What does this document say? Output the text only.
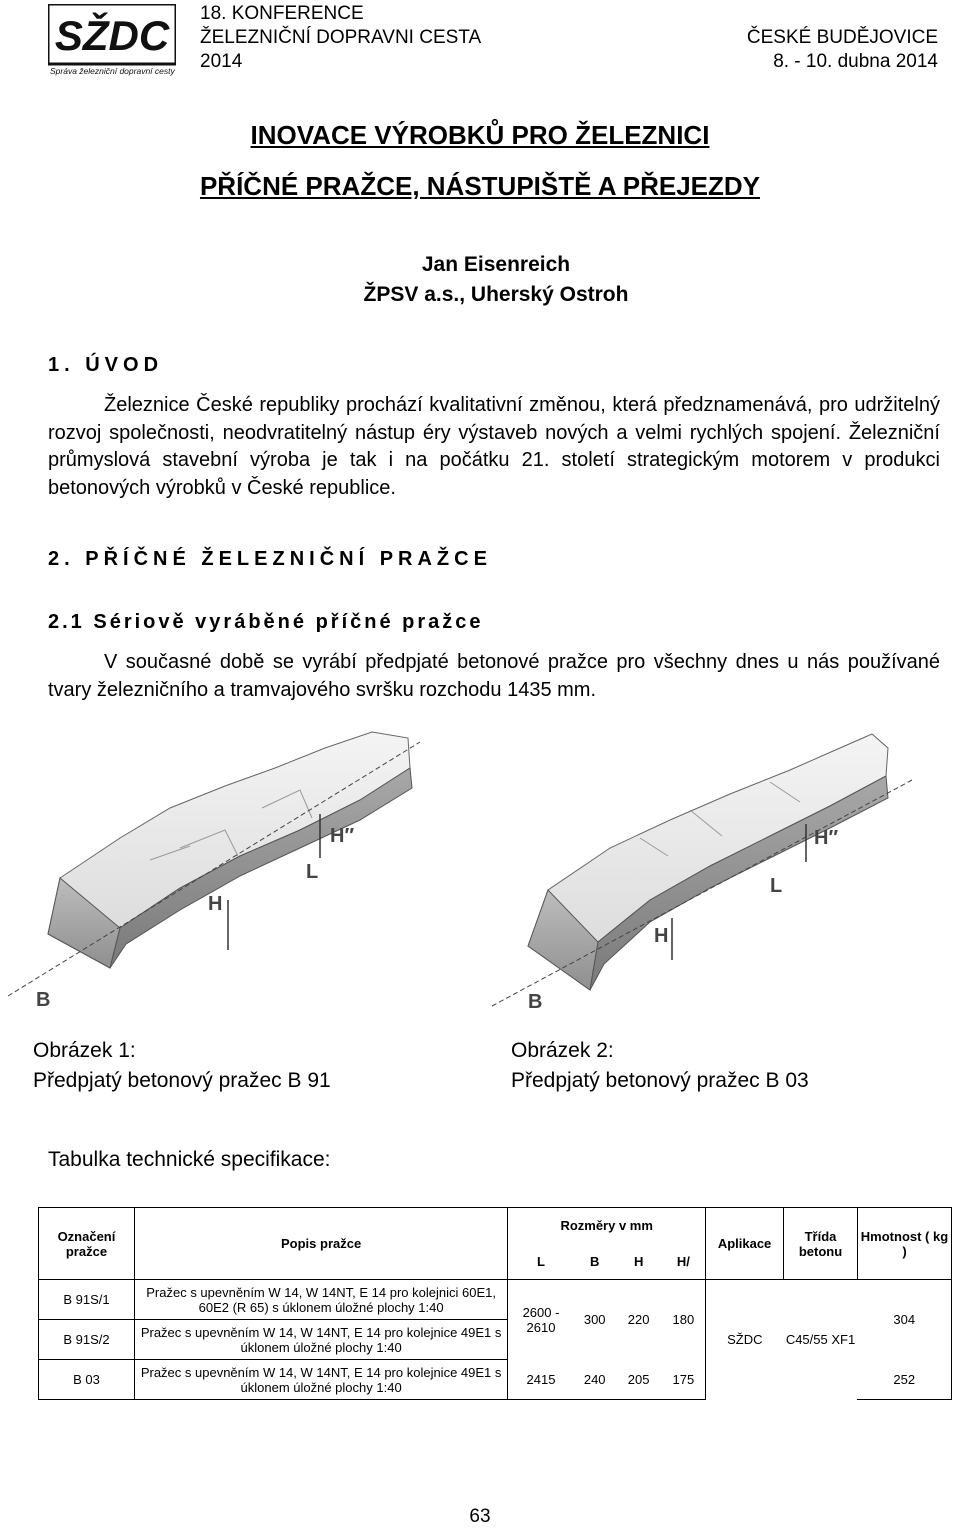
SŽDC
Správa železniční dopravní cesty
18. KONFERENCE
ŽELEZNIČNÍ DOPRAVNI CESTA
2014
ČESKÉ BUDĚJOVICE
8. - 10. dubna 2014
INOVACE VÝROBKŮ PRO ŽELEZNICI
PŘÍČNÉ PRAŽCE, NÁSTUPIŠTĚ A PŘEJEZDY
Jan Eisenreich
ŽPSV a.s., Uherský Ostroh
1. ÚVOD
Železnice České republiky prochází kvalitativní změnou, která předznamenává, pro udržitelný rozvoj společnosti, neodvratitelný nástup éry výstaveb nových a velmi rychlých spojení. Železniční průmyslová stavební výroba je tak i na počátku 21. století strategickým motorem v produkci betonových výrobků v České republice.
2. PŘÍČNÉ ŽELEZNIČNÍ PRAŽCE
2.1 Sériově vyráběné příčné pražce
V současné době se vyrábí předpjaté betonové pražce pro všechny dnes u nás používané tvary železničního a tramvajového svršku rozchodu 1435 mm.
B
H
H″
L
B
H
H″
L
Obrázek 1:
Předpjatý betonový pražec B 91
Obrázek 2:
Předpjatý betonový pražec B 03
Tabulka technické specifikace:
Označení pražce	Popis pražce	Rozměry v mm				Aplikace	Třída betonu	Hmotnost ( kg )
		L	B	H	H/			
B 91S/1	Pražec s upevněním W 14, W 14NT, E 14 pro kolejnici 60E1, 60E2 (R 65) s úklonem úložné plochy 1:40	2600 - 2610	300	220	180	SŽDC	C45/55 XF1	304
B 91S/2	Pražec s upevněním W 14, W 14NT, E 14 pro kolejnice 49E1 s úklonem úložné plochy 1:40							
B 03	Pražec s upevněním W 14, W 14NT, E 14 pro kolejnice 49E1 s úklonem úložné plochy 1:40	2415	240	205	175			252
63
